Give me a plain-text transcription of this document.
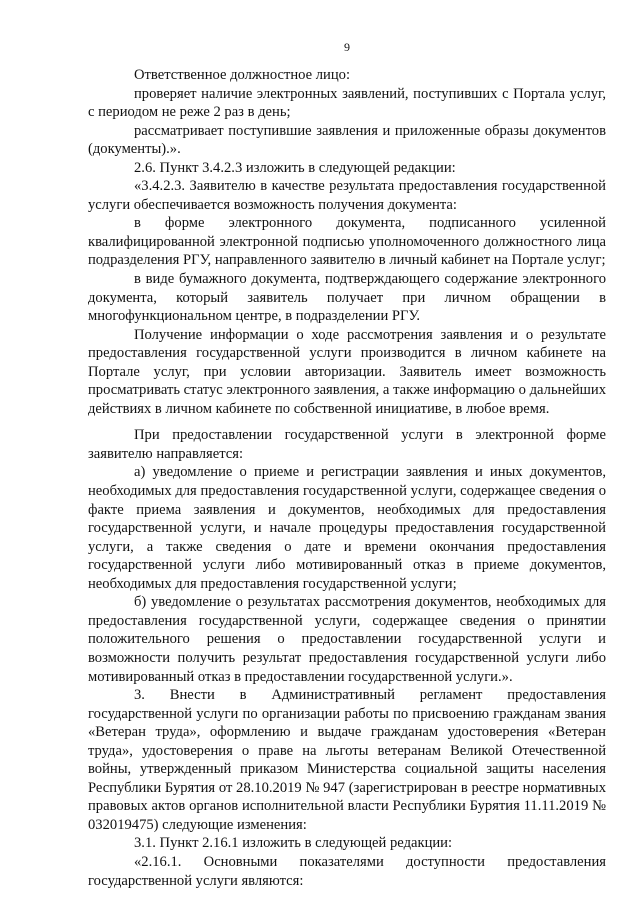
9

Ответственное должностное лицо:

проверяет наличие электронных заявлений, поступивших с Портала услуг, с периодом не реже 2 раз в день;

рассматривает поступившие заявления и приложенные образы документов (документы).».

2.6. Пункт 3.4.2.3 изложить в следующей редакции:

«3.4.2.3. Заявителю в качестве результата предоставления государственной услуги обеспечивается возможность получения документа:

в форме электронного документа, подписанного усиленной квалифицированной электронной подписью уполномоченного должностного лица подразделения РГУ, направленного заявителю в личный кабинет на Портале услуг;

в виде бумажного документа, подтверждающего содержание электронного документа, который заявитель получает при личном обращении в многофункциональном центре, в подразделении РГУ.

Получение информации о ходе рассмотрения заявления и о результате предоставления государственной услуги производится в личном кабинете на Портале услуг, при условии авторизации. Заявитель имеет возможность просматривать статус электронного заявления, а также информацию о дальнейших действиях в личном кабинете по собственной инициативе, в любое время.

При предоставлении государственной услуги в электронной форме заявителю направляется:

а) уведомление о приеме и регистрации заявления и иных документов, необходимых для предоставления государственной услуги, содержащее сведения о факте приема заявления и документов, необходимых для предоставления государственной услуги, и начале процедуры предоставления государственной услуги, а также сведения о дате и времени окончания предоставления государственной услуги либо мотивированный отказ в приеме документов, необходимых для предоставления государственной услуги;

б) уведомление о результатах рассмотрения документов, необходимых для предоставления государственной услуги, содержащее сведения о принятии положительного решения о предоставлении государственной услуги и возможности получить результат предоставления государственной услуги либо мотивированный отказ в предоставлении государственной услуги.».

3. Внести в Административный регламент предоставления государственной услуги по организации работы по присвоению гражданам звания «Ветеран труда», оформлению и выдаче гражданам удостоверения «Ветеран труда», удостоверения о праве на льготы ветеранам Великой Отечественной войны, утвержденный приказом Министерства социальной защиты населения Республики Бурятия от 28.10.2019 № 947 (зарегистрирован в реестре нормативных правовых актов органов исполнительной власти Республики Бурятия 11.11.2019 № 032019475) следующие изменения:

3.1. Пункт 2.16.1 изложить в следующей редакции:

«2.16.1. Основными показателями доступности предоставления государственной услуги являются:
